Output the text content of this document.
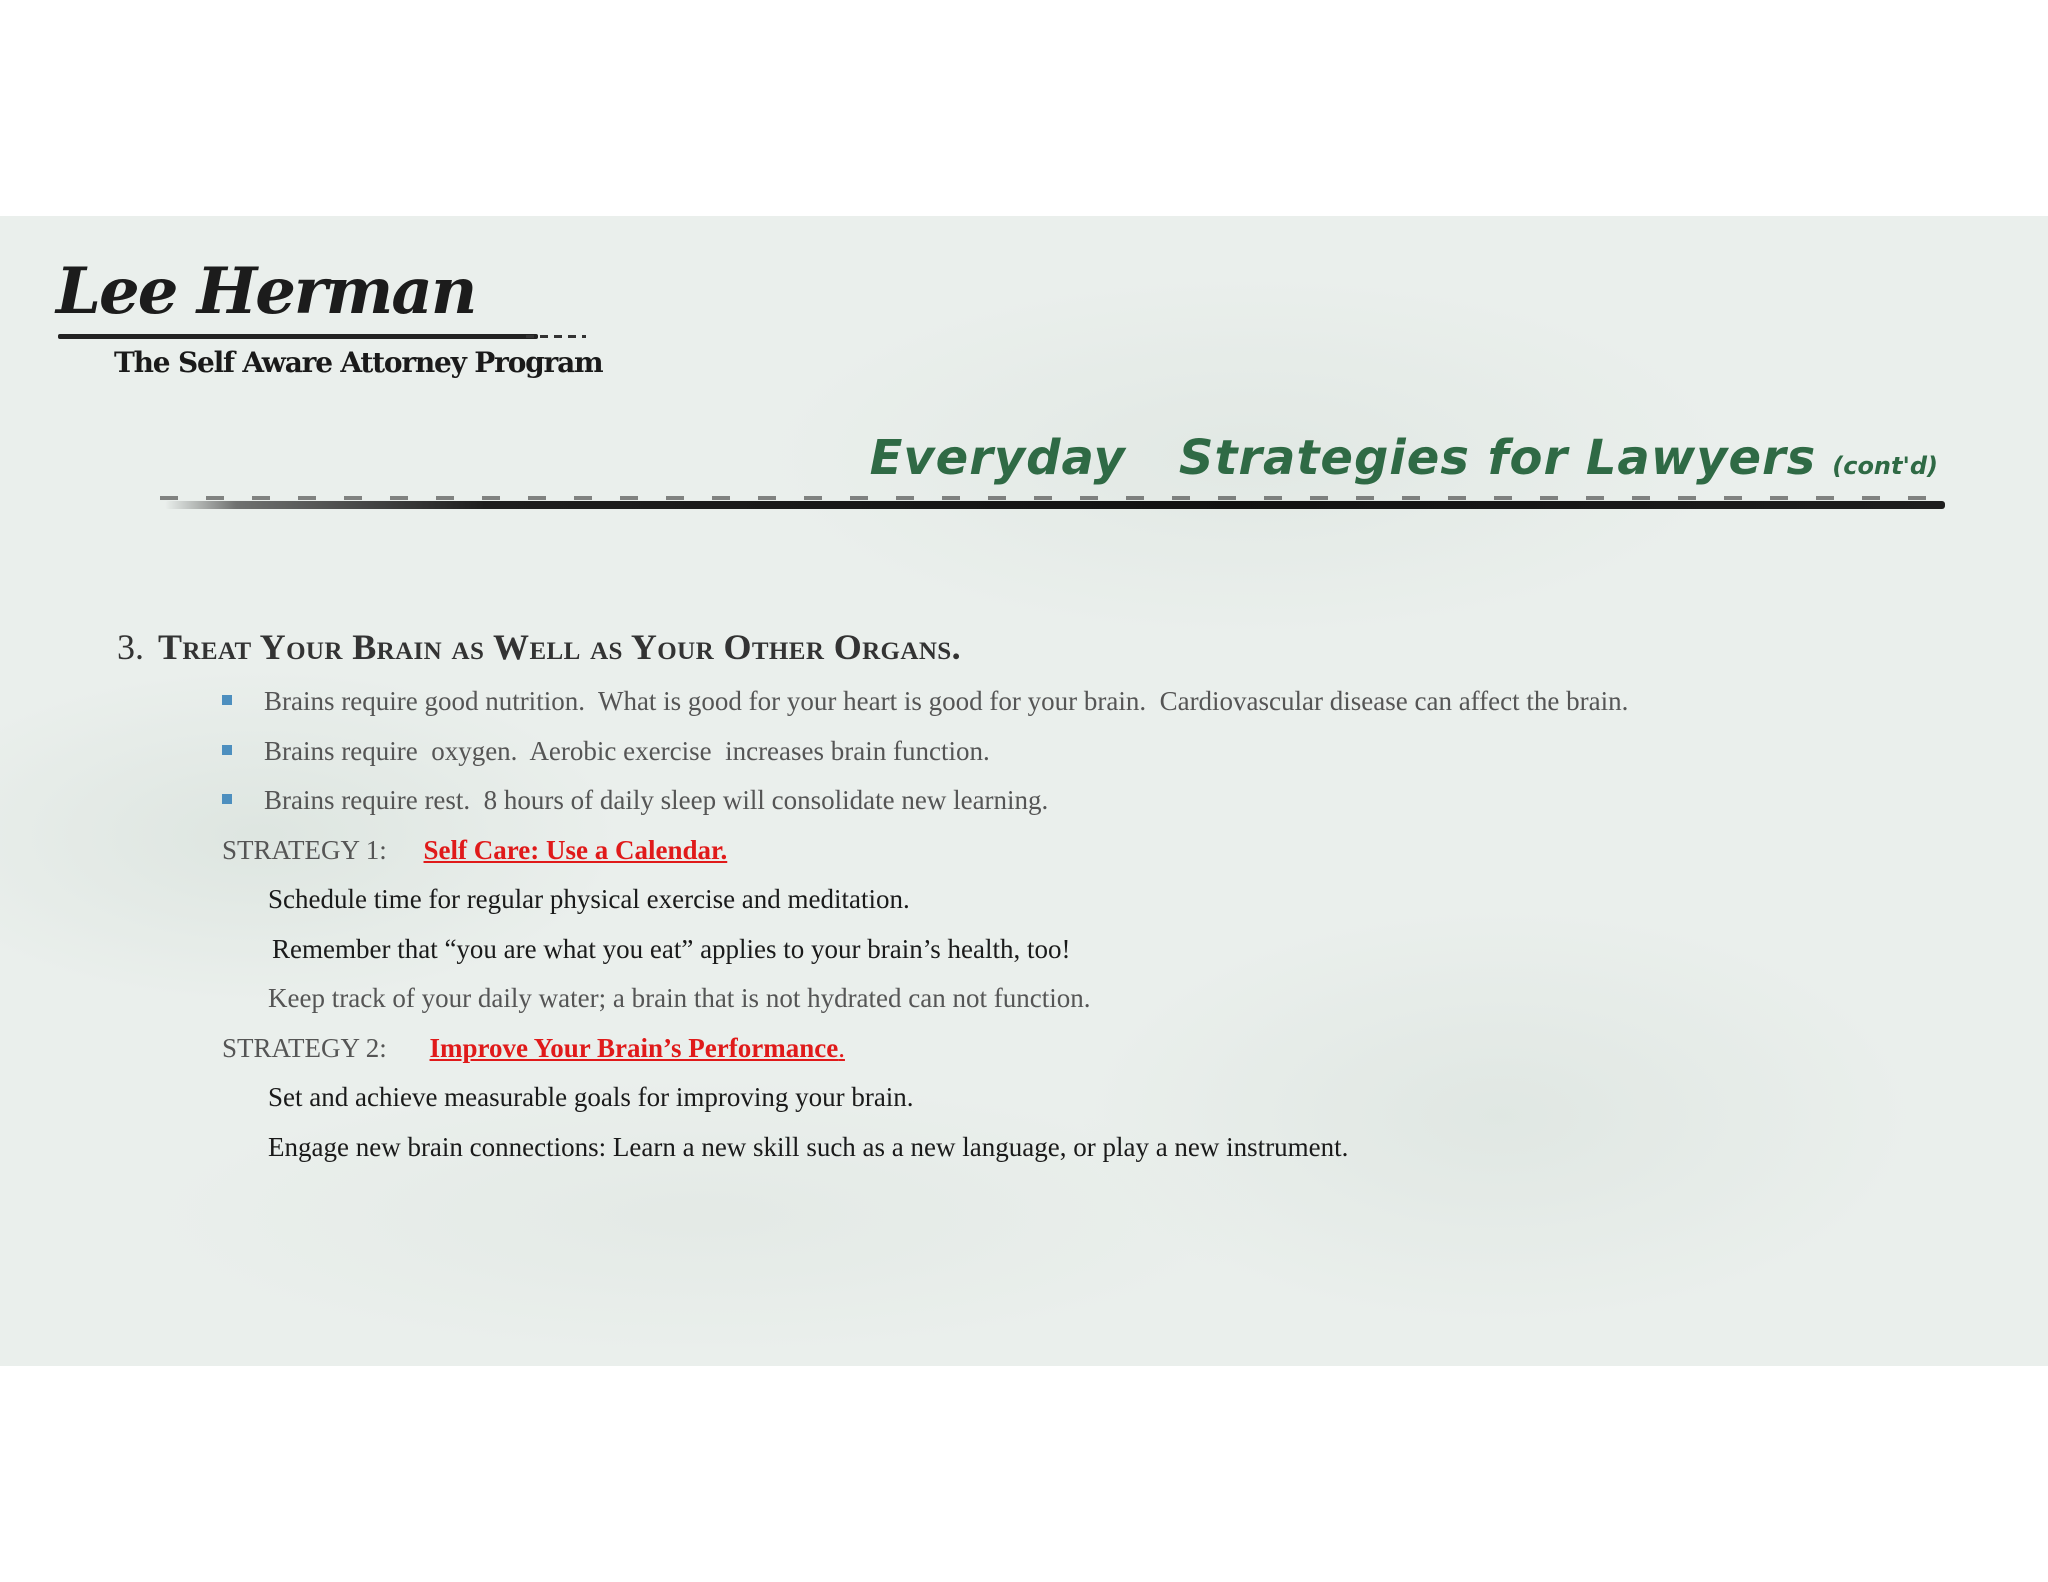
Lee Herman
The Self Aware Attorney Program
Everyday   Strategies for Lawyers (cont'd)
3. Treat Your Brain as Well as Your Other Organs.
Brains require good nutrition.  What is good for your heart is good for your brain.  Cardiovascular disease can affect the brain.
Brains require  oxygen.  Aerobic exercise  increases brain function.
Brains require rest.  8 hours of daily sleep will consolidate new learning.
STRATEGY 1: Self Care: Use a Calendar.
Schedule time for regular physical exercise and meditation.
Remember that “you are what you eat” applies to your brain’s health, too!
Keep track of your daily water; a brain that is not hydrated can not function.
STRATEGY 2: Improve Your Brain’s Performance.
Set and achieve measurable goals for improving your brain.
Engage new brain connections: Learn a new skill such as a new language, or play a new instrument.
